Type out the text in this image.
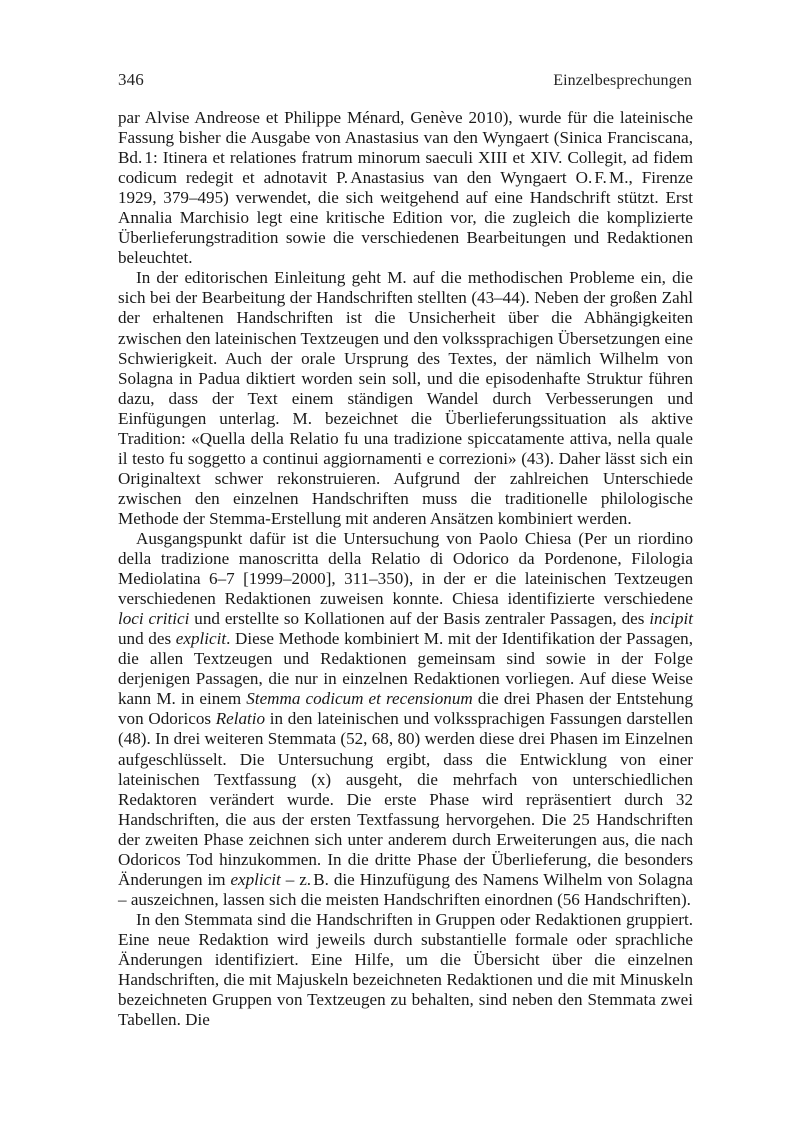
346	Einzelbesprechungen

par Alvise Andreose et Philippe Ménard, Genève 2010), wurde für die lateinische Fassung bisher die Ausgabe von Anastasius van den Wyngaert (Sinica Franciscana, Bd. 1: Itinera et relationes fratrum minorum saeculi XIII et XIV. Collegit, ad fidem codicum redegit et adnotavit P. Anastasius van den Wyngaert O. F. M., Firenze 1929, 379–495) verwendet, die sich weitgehend auf eine Handschrift stützt. Erst Annalia Marchisio legt eine kritische Edition vor, die zugleich die komplizierte Überlieferungstradition sowie die verschiedenen Bearbeitungen und Redaktionen beleuchtet.

In der editorischen Einleitung geht M. auf die methodischen Probleme ein, die sich bei der Bearbeitung der Handschriften stellten (43–44). Neben der großen Zahl der erhaltenen Handschriften ist die Unsicherheit über die Abhängigkeiten zwischen den lateinischen Textzeugen und den volkssprachigen Übersetzungen eine Schwierigkeit. Auch der orale Ursprung des Textes, der nämlich Wilhelm von Solagna in Padua diktiert worden sein soll, und die episodenhafte Struktur führen dazu, dass der Text einem ständigen Wandel durch Verbesserungen und Einfügungen unterlag. M. bezeichnet die Überlieferungssituation als aktive Tradition: «Quella della Relatio fu una tradizione spiccatamente attiva, nella quale il testo fu soggetto a continui aggiornamenti e correzioni» (43). Daher lässt sich ein Originaltext schwer rekonstruieren. Aufgrund der zahlreichen Unterschiede zwischen den einzelnen Handschriften muss die traditionelle philologische Methode der Stemma-Erstellung mit anderen Ansätzen kombiniert werden.

Ausgangspunkt dafür ist die Untersuchung von Paolo Chiesa (Per un riordino della tradizione manoscritta della Relatio di Odorico da Pordenone, Filologia Mediolatina 6–7 [1999–2000], 311–350), in der er die lateinischen Textzeugen verschiedenen Redaktionen zuweisen konnte. Chiesa identifizierte verschiedene loci critici und erstellte so Kollationen auf der Basis zentraler Passagen, des incipit und des explicit. Diese Methode kombiniert M. mit der Identifikation der Passagen, die allen Textzeugen und Redaktionen gemeinsam sind sowie in der Folge derjenigen Passagen, die nur in einzelnen Redaktionen vorliegen. Auf diese Weise kann M. in einem Stemma codicum et recensionum die drei Phasen der Entstehung von Odoricos Relatio in den lateinischen und volkssprachigen Fassungen darstellen (48). In drei weiteren Stemmata (52, 68, 80) werden diese drei Phasen im Einzelnen aufgeschlüsselt. Die Untersuchung ergibt, dass die Entwicklung von einer lateinischen Textfassung (x) ausgeht, die mehrfach von unterschiedlichen Redaktoren verändert wurde. Die erste Phase wird repräsentiert durch 32 Handschriften, die aus der ersten Textfassung hervorgehen. Die 25 Handschriften der zweiten Phase zeichnen sich unter anderem durch Erweiterungen aus, die nach Odoricos Tod hinzukommen. In die dritte Phase der Überlieferung, die besonders Änderungen im explicit – z. B. die Hinzufügung des Namens Wilhelm von Solagna – auszeichnen, lassen sich die meisten Handschriften einordnen (56 Handschriften).

In den Stemmata sind die Handschriften in Gruppen oder Redaktionen gruppiert. Eine neue Redaktion wird jeweils durch substantielle formale oder sprachliche Änderungen identifiziert. Eine Hilfe, um die Übersicht über die einzelnen Handschriften, die mit Majuskeln bezeichneten Redaktionen und die mit Minuskeln bezeichneten Gruppen von Textzeugen zu behalten, sind neben den Stemmata zwei Tabellen. Die
